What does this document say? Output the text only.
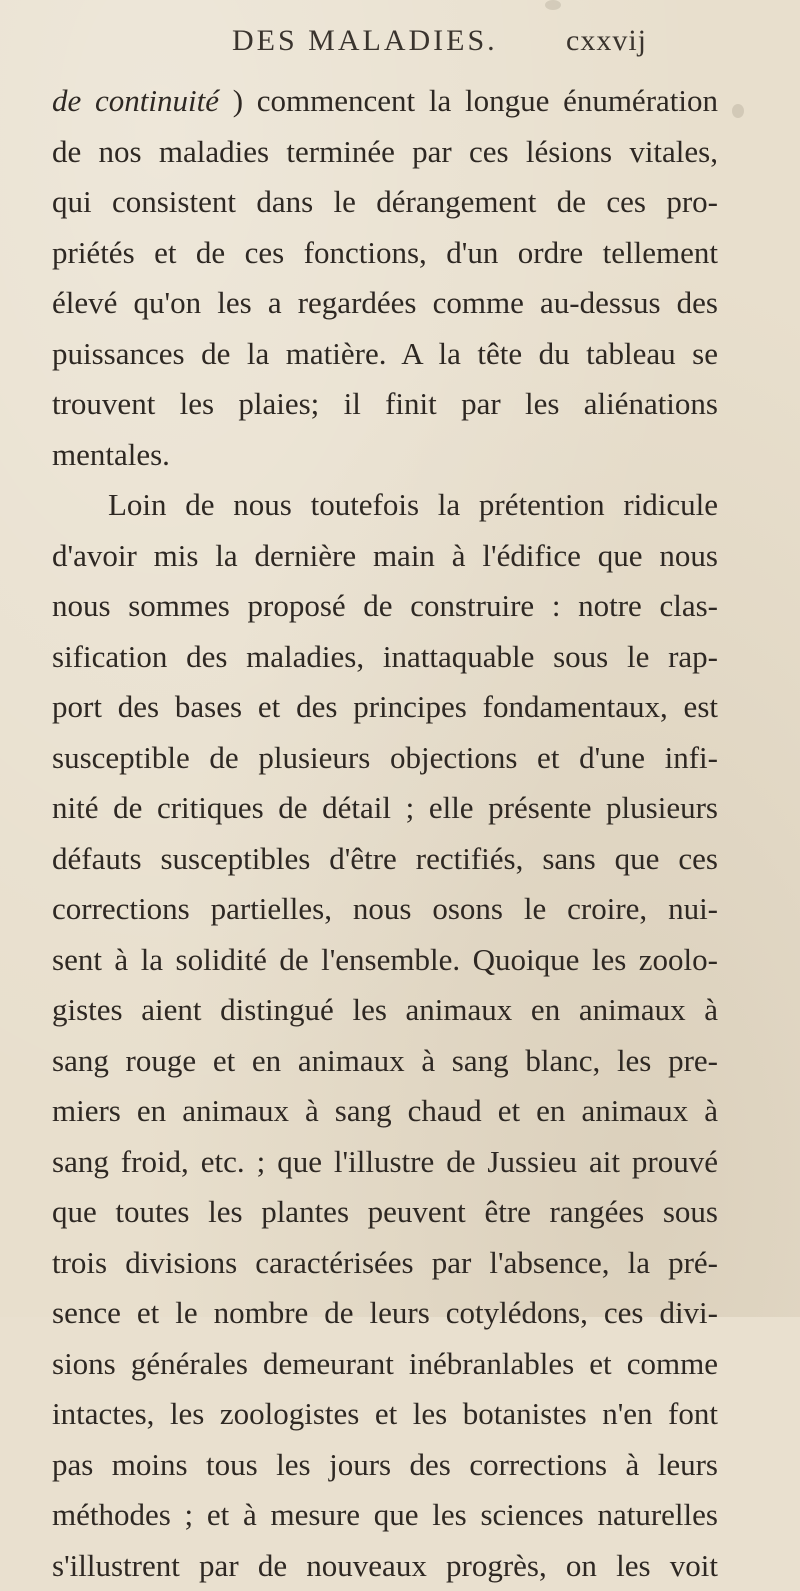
DES MALADIES. cxxvij
de continuité ) commencent la longue énumération
de nos maladies terminée par ces lésions vitales,
qui consistent dans le dérangement de ces pro-
priétés et de ces fonctions, d'un ordre tellement
élevé qu'on les a regardées comme au-dessus des
puissances de la matière. A la tête du tableau se
trouvent les plaies; il finit par les aliénations
mentales.
Loin de nous toutefois la prétention ridicule
d'avoir mis la dernière main à l'édifice que nous
nous sommes proposé de construire : notre clas-
sification des maladies, inattaquable sous le rap-
port des bases et des principes fondamentaux, est
susceptible de plusieurs objections et d'une infi-
nité de critiques de détail ; elle présente plusieurs
défauts susceptibles d'être rectifiés, sans que ces
corrections partielles, nous osons le croire, nui-
sent à la solidité de l'ensemble. Quoique les zoolo-
gistes aient distingué les animaux en animaux à
sang rouge et en animaux à sang blanc, les pre-
miers en animaux à sang chaud et en animaux à
sang froid, etc. ; que l'illustre de Jussieu ait prouvé
que toutes les plantes peuvent être rangées sous
trois divisions caractérisées par l'absence, la pré-
sence et le nombre de leurs cotylédons, ces divi-
sions générales demeurant inébranlables et comme
intactes, les zoologistes et les botanistes n'en font
pas moins tous les jours des corrections à leurs
méthodes ; et à mesure que les sciences naturelles
s'illustrent par de nouveaux progrès, on les voit
